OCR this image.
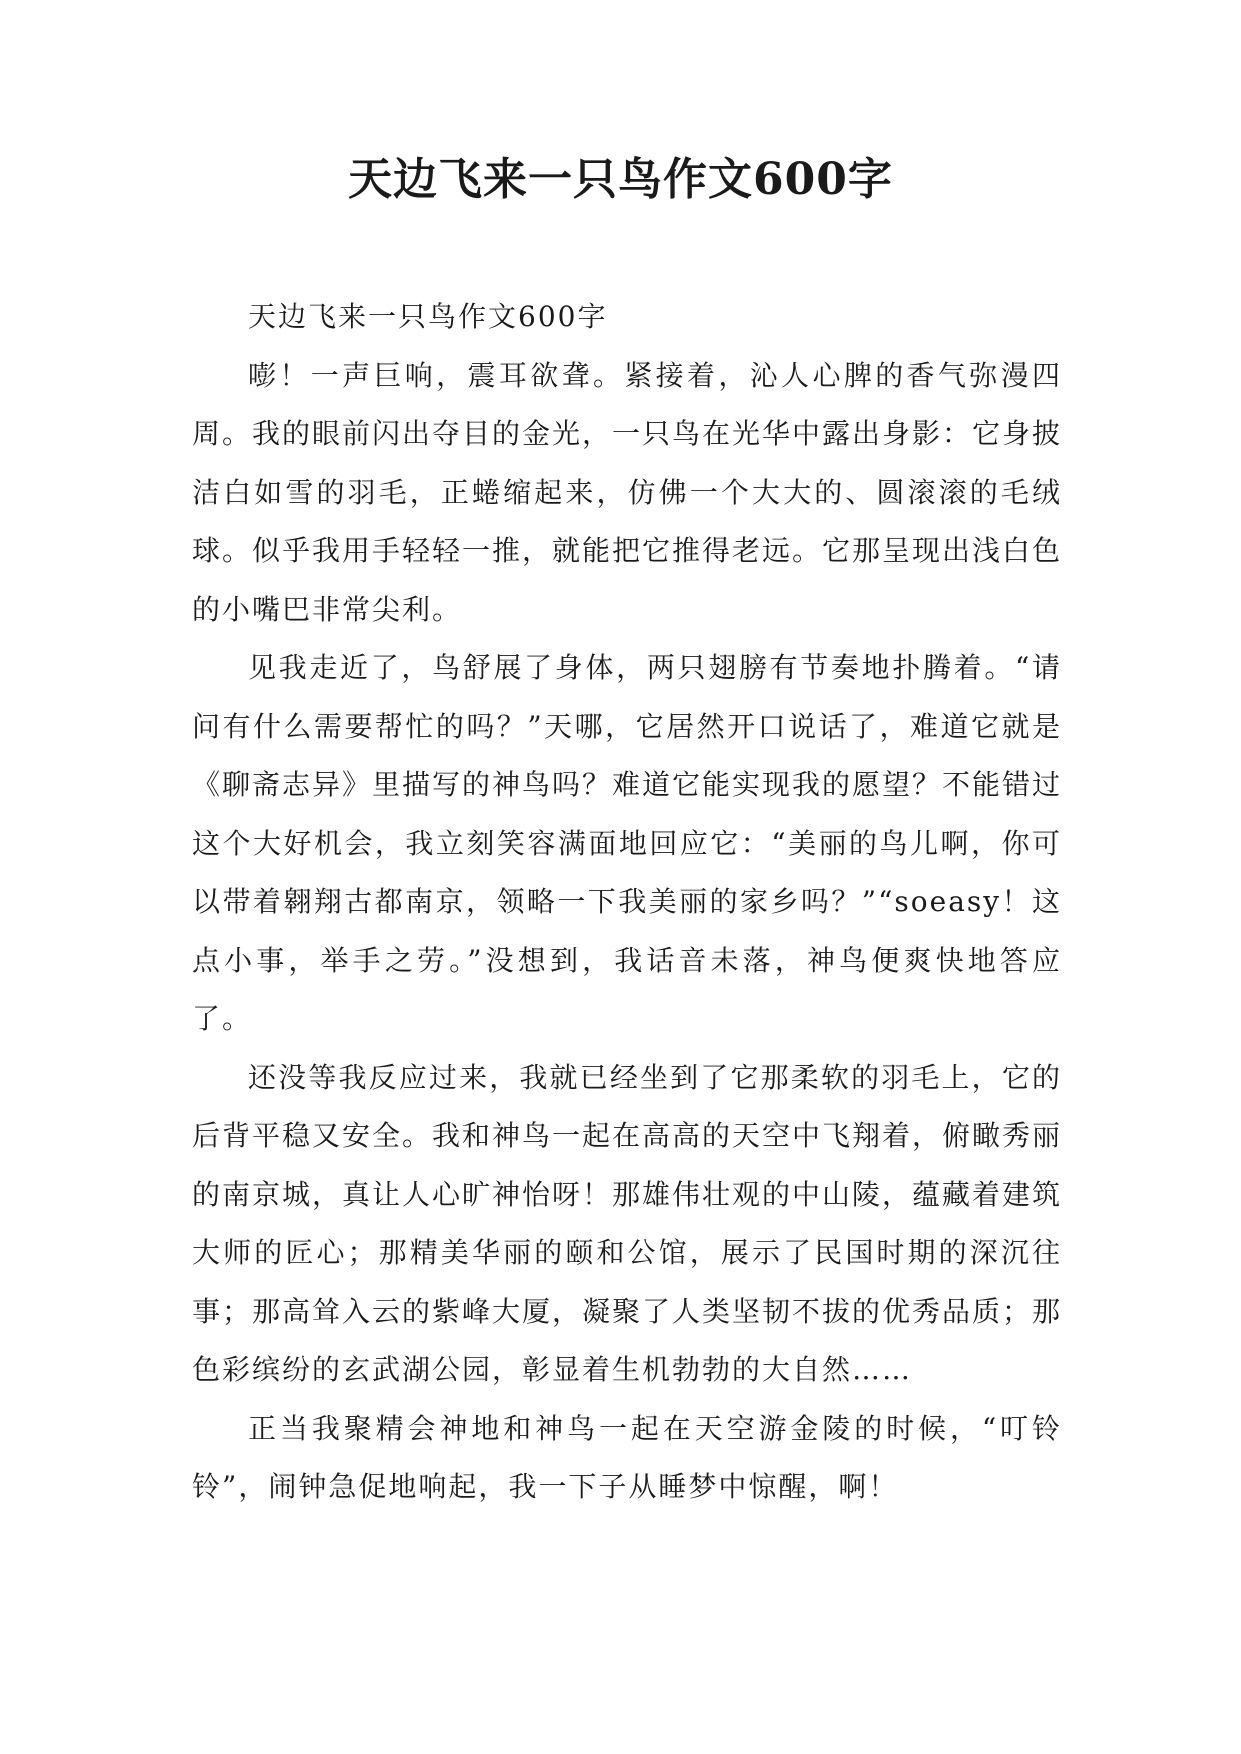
天边飞来一只鸟作文600字

天边飞来一只鸟作文600字

嘭！一声巨响，震耳欲聋。紧接着，沁人心脾的香气弥漫四周。我的眼前闪出夺目的金光，一只鸟在光华中露出身影：它身披洁白如雪的羽毛，正蜷缩起来，仿佛一个大大的、圆滚滚的毛绒球。似乎我用手轻轻一推，就能把它推得老远。它那呈现出浅白色的小嘴巴非常尖利。

见我走近了，鸟舒展了身体，两只翅膀有节奏地扑腾着。“请问有什么需要帮忙的吗？”天哪，它居然开口说话了，难道它就是《聊斋志异》里描写的神鸟吗？难道它能实现我的愿望？不能错过这个大好机会，我立刻笑容满面地回应它：“美丽的鸟儿啊，你可以带着翱翔古都南京，领略一下我美丽的家乡吗？”“soeasy！这点小事，举手之劳。”没想到，我话音未落，神鸟便爽快地答应了。

还没等我反应过来，我就已经坐到了它那柔软的羽毛上，它的后背平稳又安全。我和神鸟一起在高高的天空中飞翔着，俯瞰秀丽的南京城，真让人心旷神怡呀！那雄伟壮观的中山陵，蕴藏着建筑大师的匠心；那精美华丽的颐和公馆，展示了民国时期的深沉往事；那高耸入云的紫峰大厦，凝聚了人类坚韧不拔的优秀品质；那色彩缤纷的玄武湖公园，彰显着生机勃勃的大自然……

正当我聚精会神地和神鸟一起在天空游金陵的时候，“叮铃铃”，闹钟急促地响起，我一下子从睡梦中惊醒，啊！
